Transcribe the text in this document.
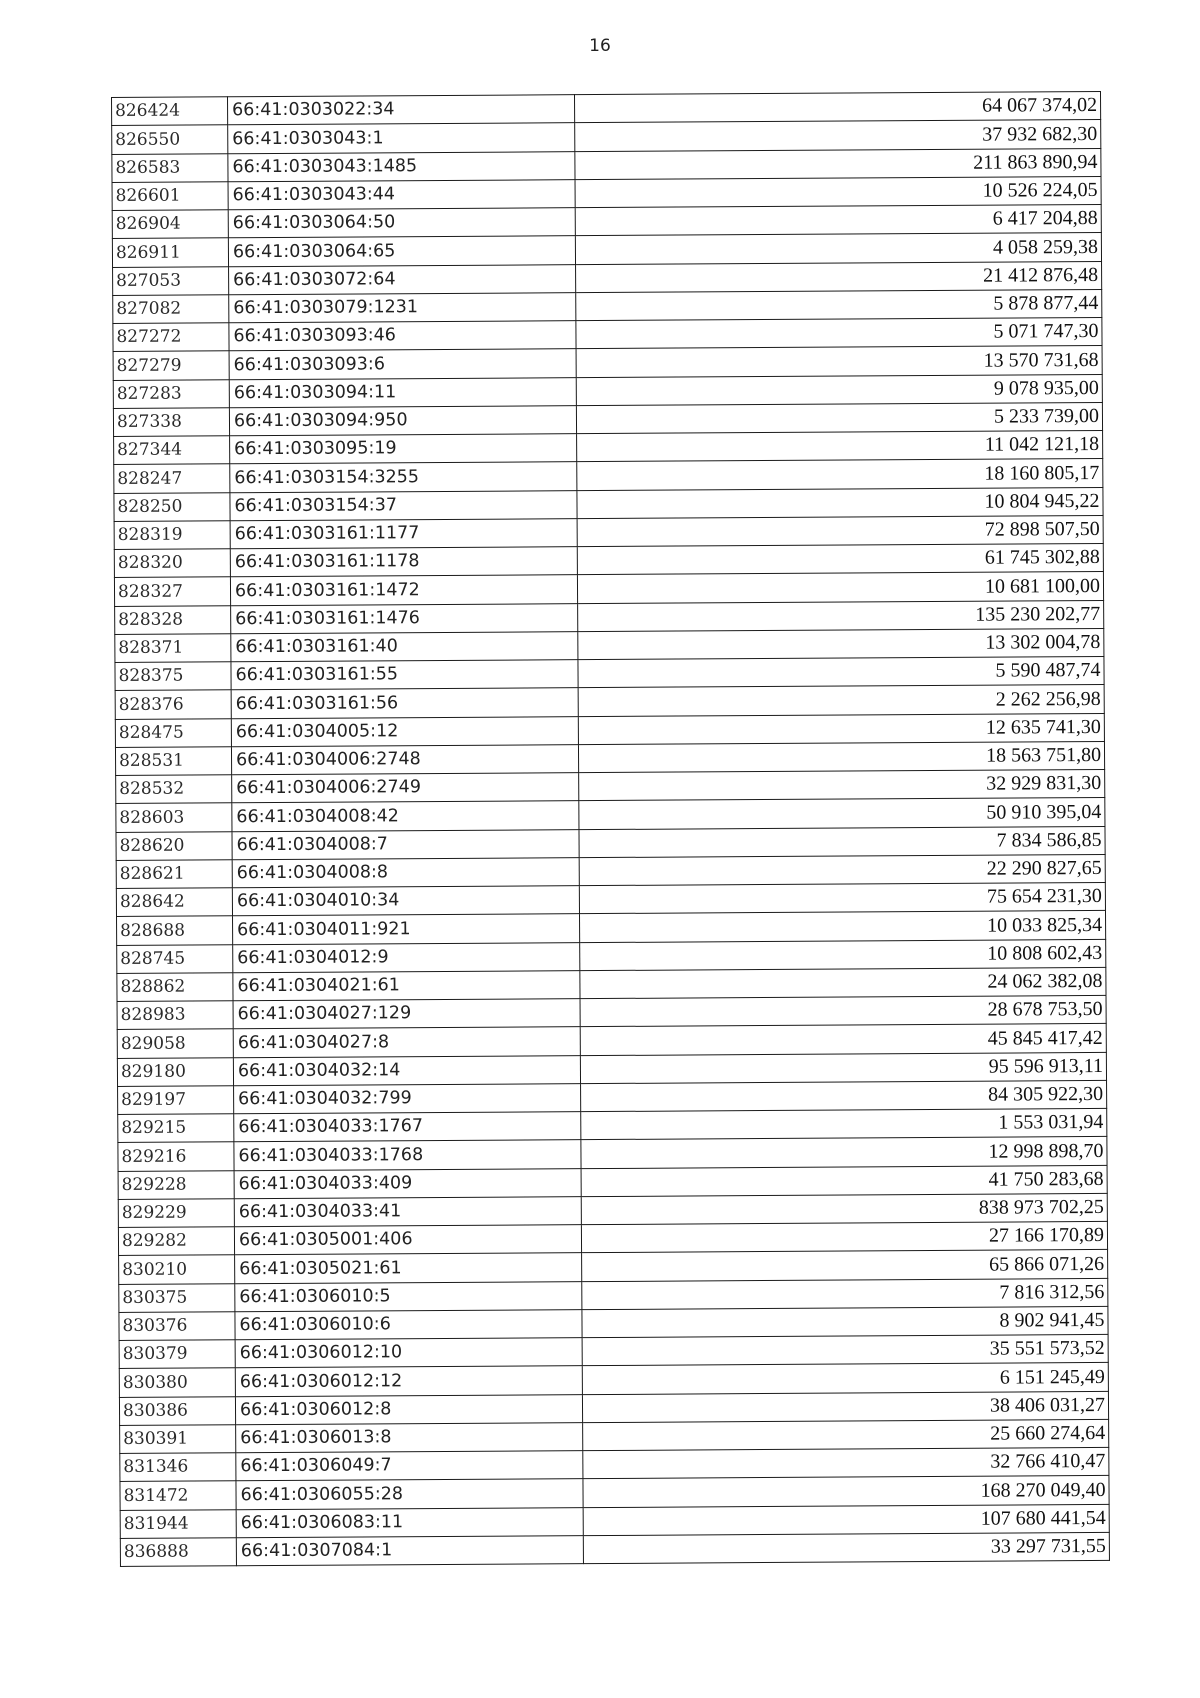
16
826424	66:41:0303022:34	64 067 374,02
826550	66:41:0303043:1	37 932 682,30
826583	66:41:0303043:1485	211 863 890,94
826601	66:41:0303043:44	10 526 224,05
826904	66:41:0303064:50	6 417 204,88
826911	66:41:0303064:65	4 058 259,38
827053	66:41:0303072:64	21 412 876,48
827082	66:41:0303079:1231	5 878 877,44
827272	66:41:0303093:46	5 071 747,30
827279	66:41:0303093:6	13 570 731,68
827283	66:41:0303094:11	9 078 935,00
827338	66:41:0303094:950	5 233 739,00
827344	66:41:0303095:19	11 042 121,18
828247	66:41:0303154:3255	18 160 805,17
828250	66:41:0303154:37	10 804 945,22
828319	66:41:0303161:1177	72 898 507,50
828320	66:41:0303161:1178	61 745 302,88
828327	66:41:0303161:1472	10 681 100,00
828328	66:41:0303161:1476	135 230 202,77
828371	66:41:0303161:40	13 302 004,78
828375	66:41:0303161:55	5 590 487,74
828376	66:41:0303161:56	2 262 256,98
828475	66:41:0304005:12	12 635 741,30
828531	66:41:0304006:2748	18 563 751,80
828532	66:41:0304006:2749	32 929 831,30
828603	66:41:0304008:42	50 910 395,04
828620	66:41:0304008:7	7 834 586,85
828621	66:41:0304008:8	22 290 827,65
828642	66:41:0304010:34	75 654 231,30
828688	66:41:0304011:921	10 033 825,34
828745	66:41:0304012:9	10 808 602,43
828862	66:41:0304021:61	24 062 382,08
828983	66:41:0304027:129	28 678 753,50
829058	66:41:0304027:8	45 845 417,42
829180	66:41:0304032:14	95 596 913,11
829197	66:41:0304032:799	84 305 922,30
829215	66:41:0304033:1767	1 553 031,94
829216	66:41:0304033:1768	12 998 898,70
829228	66:41:0304033:409	41 750 283,68
829229	66:41:0304033:41	838 973 702,25
829282	66:41:0305001:406	27 166 170,89
830210	66:41:0305021:61	65 866 071,26
830375	66:41:0306010:5	7 816 312,56
830376	66:41:0306010:6	8 902 941,45
830379	66:41:0306012:10	35 551 573,52
830380	66:41:0306012:12	6 151 245,49
830386	66:41:0306012:8	38 406 031,27
830391	66:41:0306013:8	25 660 274,64
831346	66:41:0306049:7	32 766 410,47
831472	66:41:0306055:28	168 270 049,40
831944	66:41:0306083:11	107 680 441,54
836888	66:41:0307084:1	33 297 731,55
